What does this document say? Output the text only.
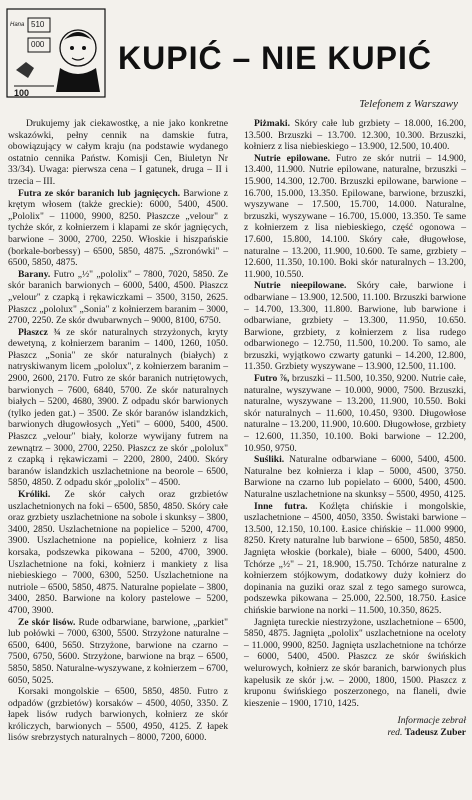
Hana 510
000
100
KUPIĆ – NIE KUPIĆ
Telefonem z Warszawy

Drukujemy jak ciekawostkę, a nie jako konkretne wskazówki, pełny cennik na damskie futra, obowiązujący w całym kraju (na podstawie wydanego ostatnio cennika Państw. Komisji Cen, Biuletyn Nr 33/34). Uwaga: pierwsza cena – I gatunek, druga – II i trzecia – III.

Futra ze skór baranich lub jagnięcych. Barwione z krętym włosem (także greckie): 6000, 5400, 4500. „Pololix" – 11000, 9900, 8250. Płaszcze „velour" z tychże skór, z kołnierzem i klapami ze skór jagnięcych, barwione – 3000, 2700, 2250. Włoskie i hiszpańskie (borkale-borbessy) – 6500, 5850, 4875. „Szronówki" – 6500, 5850, 4875.

Barany. Futro „½" „pololix" – 7800, 7020, 5850. Ze skór baranich barwionych – 6000, 5400, 4500. Płaszcz „velour" z czapką i rękawiczkami – 3500, 3150, 2625. Płaszcz „pololux" „Sonia" z kołnierzem baranim – 3000, 2700, 2250. Ze skór dwubarwnych – 9000, 8100, 6750.

Płaszcz ¾ ze skór naturalnych strzyżonych, kryty dewetyną, z kołnierzem baranim – 1400, 1260, 1050. Płaszcz „Sonia" ze skór naturalnych (białych) z natryskiwanym licem „pololux", z kołnierzem baranim – 2900, 2600, 2170. Futro ze skór baranich nutriętowych, barwionych – 7600, 6840, 5700. Ze skór naturalnych białych – 5200, 4680, 3900. Z odpadu skór barwionych (tylko jeden gat.) – 3500. Ze skór baranów islandzkich, barwionych długowłosych „Yeti" – 6000, 5400, 4500. Płaszcz „velour" biały, kolorze wywijany futrem na zewnątrz – 3000, 2700, 2250. Płaszcz ze skór „pololux" z czapką i rękawiczami – 2200, 2800, 2400. Skóry baranów islandzkich uszlachetnione na beorole – 6500, 5850, 4850. Z odpadu skór „pololix" – 4500.

Króliki. Ze skór całych oraz grzbietów uszlachetnionych na foki – 6500, 5850, 4850. Skóry całe oraz grzbiety uszlachetnione na sobole i skunksy – 3800, 3400, 2850. Uszlachetnione na popielice – 5200, 4700, 3900. Uszlachetnione na popielice, kołnierz z lisa korsaka, podszewka pikowana – 5200, 4700, 3900. Uszlachetnione na foki, kołnierz i mankiety z lisa niebieskiego – 7000, 6300, 5250. Uszlachetnione na nutriole – 6500, 5850, 4875. Naturalne popielate – 3800, 3400, 2850. Barwione na kolory pastelowe – 5200, 4700, 3900.

Ze skór lisów. Rude odbarwiane, barwione, „parkiet" lub połówki – 7000, 6300, 5500. Strzyżone naturalne – 6500, 6400, 5650. Strzyżone, barwione na czarno – 7500, 6750, 5600. Strzyżone, barwione na brąz – 6500, 5850, 5850. Naturalne-wyszywane, z kołnierzem – 6700, 6050, 5025.

Korsaki mongolskie – 6500, 5850, 4850. Futro z odpadów (grzbietów) korsaków – 4500, 4050, 3350. Z łapek lisów rudych barwionych, kołnierz ze skór króliczych, barwionych – 5500, 4950, 4125. Z łapek lisów srebrzystych naturalnych – 8000, 7200, 6000.

Piżmaki. Skóry całe lub grzbiety – 18.000, 16.200, 13.500. Brzuszki – 13.700. 12.300, 10.300. Brzuszki, kołnierz z lisa niebieskiego – 13.900, 12.500, 10.400.

Nutrie epilowane. Futro ze skór nutrii – 14.900, 13.400, 11.900. Nutrie epilowane, naturalne, brzuszki – 15.900, 14.300, 12.700. Brzuszki epilowane, barwione – 16.700, 15.000, 13.350. Epilowane, barwione, brzuszki, wyszywane – 17.500, 15.700, 14.000. Naturalne, brzuszki, wyszywane – 16.700, 15.000, 13.350. Te same z kołnierzem z lisa niebieskiego, część ogonowa – 17.600, 15.800, 14.100. Skóry całe, długowłose, naturalne – 13.200, 11.900, 10.600. Te same, grzbiety – 12.600, 11.350, 10.100. Boki skór naturalnych – 13.200, 11.900, 10.550.

Nutrie nieepilowane. Skóry całe, barwione i odbarwiane – 13.900, 12.500, 11.100. Brzuszki barwione – 14.700, 13.300, 11.800. Barwione, lub barwione i odbarwiane, grzbiety – 13.300, 11.950, 10.650. Barwione, grzbiety, z kołnierzem z lisa rudego odbarwionego – 12.750, 11.500, 10.200. To samo, ale brzuszki, wyjątkowo czwarty gatunki – 14.200, 12.800, 11.350. Grzbiety wyszywane – 13.900, 12.500, 11.100.

Futro ⅞, brzuszki – 11.500, 10.350, 9200. Nutrie całe, naturalne, wyszywane – 10.000, 9000, 7500. Brzuszki, naturalne, wyszywane – 13.200, 11.900, 10.550. Boki skór naturalnych – 11.600, 10.450, 9300. Długowłose naturalne – 13.200, 11.900, 10.600. Długowłose, grzbiety – 12.600, 11.350, 10.100. Boki barwione – 12.200, 10.950, 9750.

Suśliki. Naturalne odbarwiane – 6000, 5400, 4500. Naturalne bez kołnierza i klap – 5000, 4500, 3750. Barwione na czarno lub popielato – 6000, 5400, 4500. Naturalne uszlachetnione na skunksy – 5500, 4950, 4125.

Inne futra. Koźlęta chińskie i mongolskie, uszlachetnione – 4500, 4050, 3350. Świstaki barwione – 13.500, 12.150, 10.100. Łasice chińskie – 11.000 9900, 8250. Krety naturalne lub barwione – 6500, 5850, 4850. Jagnięta włoskie (borkale), białe – 6000, 5400, 4500. Tchórze „½" – 21, 18.900, 15.750. Tchórze naturalne z kołnierzem stójkowym, dodatkowy duży kołnierz do dopinania na guziki oraz szal z tego samego surowca, podszewka pikowana – 25.000, 22.500, 18.750. Łasice chińskie barwione na norki – 11.500, 10.350, 8625.

Jagnięta tureckie niestrzyżone, uszlachetnione – 6500, 5850, 4875. Jagnięta „pololix" uszlachetnione na oceloty – 11.000, 9900, 8250. Jagnięta uszlachetnione na tchórze – 6000, 5400, 4500. Płaszcz ze skór świńskich welurowych, kołnierz ze skór baranich, barwionych plus kapelusik ze skór j.w. – 2000, 1800, 1500. Płaszcz z kruponu świńskiego poszerzonego, na flaneli, dwie kieszenie – 1900, 1710, 1425.

Informacje zebrał
red. Tadeusz Zuber
